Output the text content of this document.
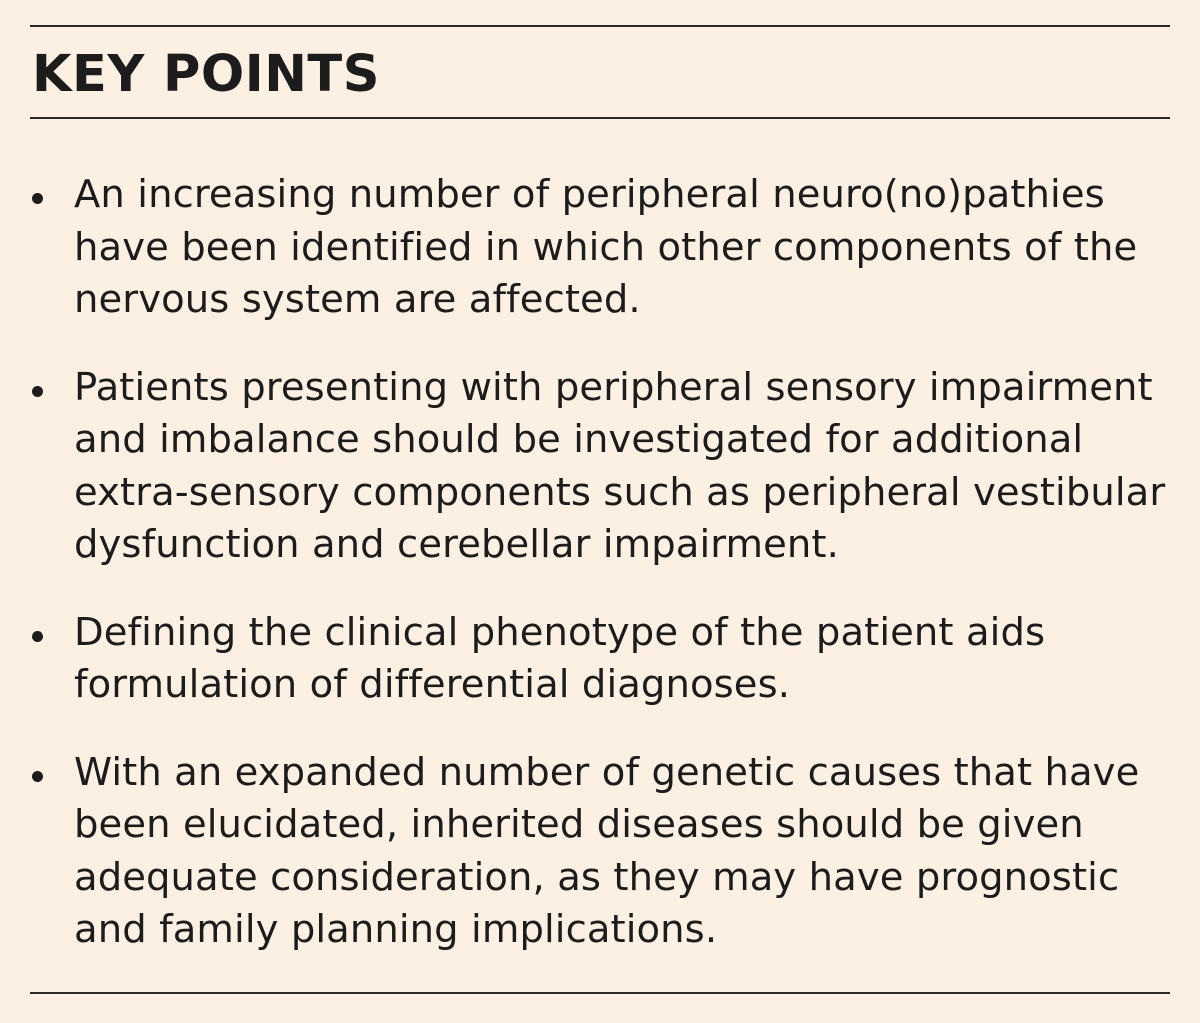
KEY POINTS
An increasing number of peripheral neuro(no)pathies have been identified in which other components of the nervous system are affected.
Patients presenting with peripheral sensory impairment and imbalance should be investigated for additional extra-sensory components such as peripheral vestibular dysfunction and cerebellar impairment.
Defining the clinical phenotype of the patient aids formulation of differential diagnoses.
With an expanded number of genetic causes that have been elucidated, inherited diseases should be given adequate consideration, as they may have prognostic and family planning implications.
